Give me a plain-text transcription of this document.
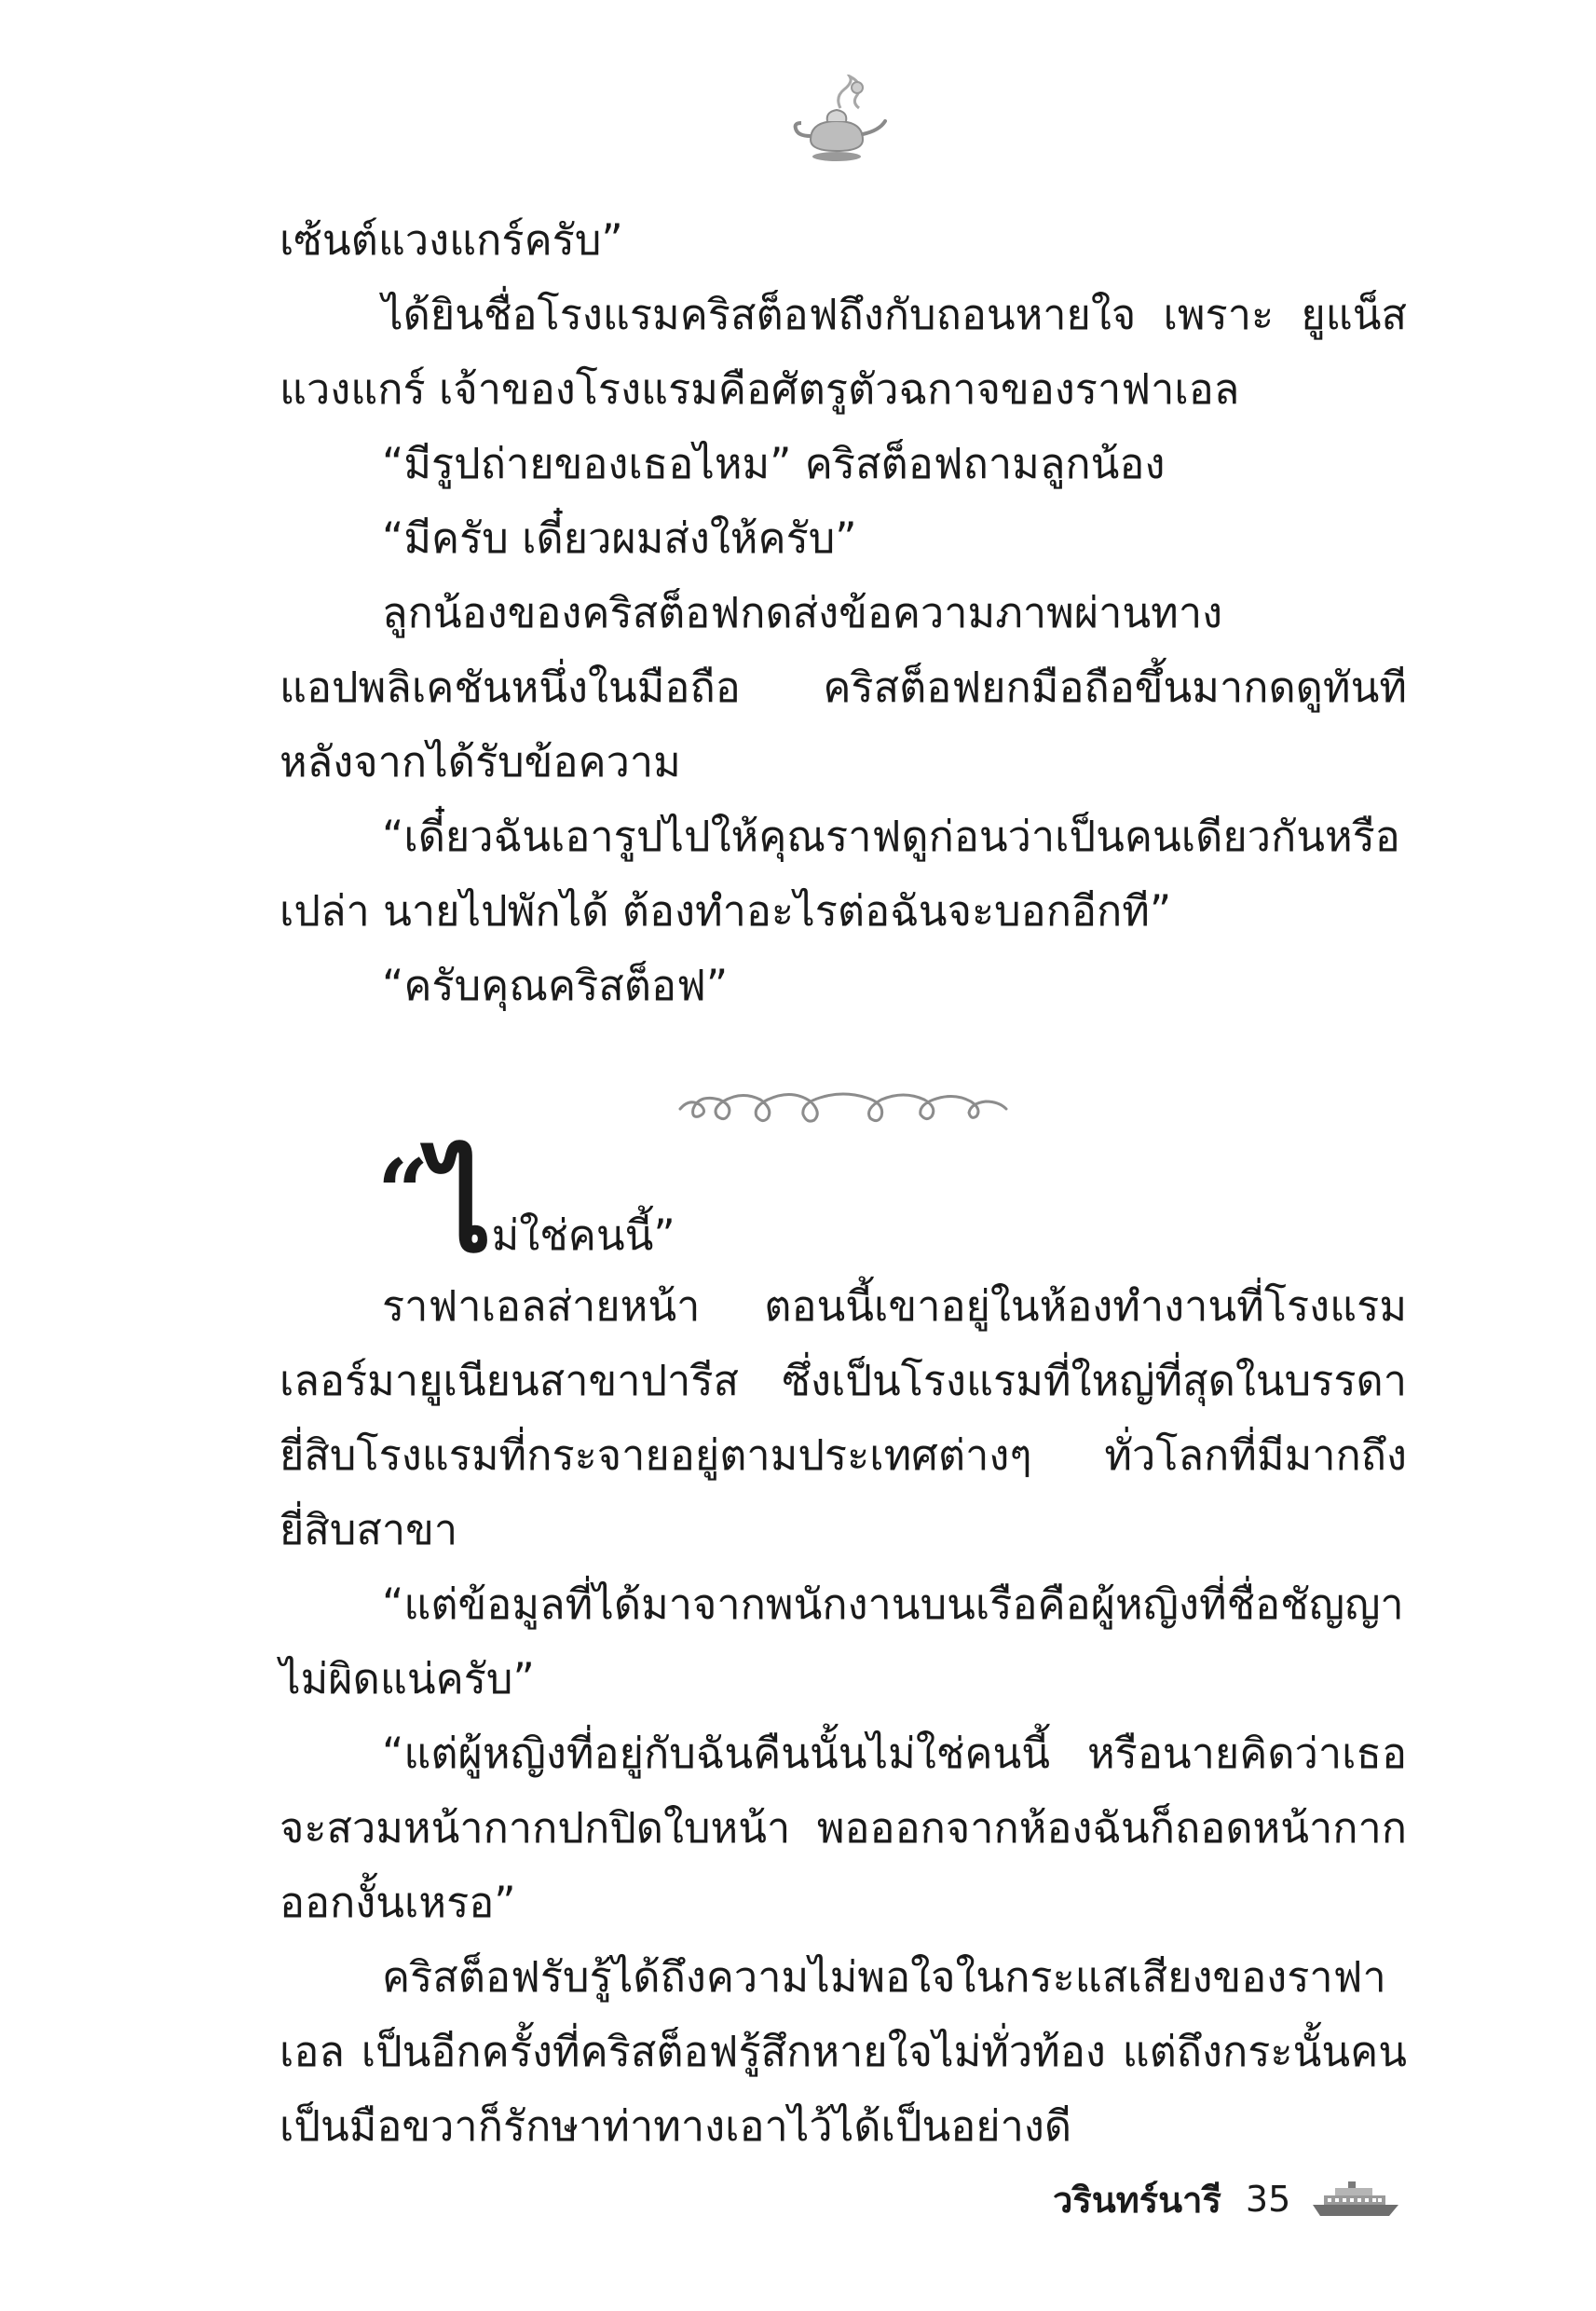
เซ้นต์แวงแกร์ครับ”

ได้ยินชื่อโรงแรมคริสต็อฟถึงกับถอนหายใจ เพราะ ยูแน็ส แวงแกร์ เจ้าของโรงแรมคือศัตรูตัวฉกาจของราฟาเอล

“มีรูปถ่ายของเธอไหม” คริสต็อฟถามลูกน้อง

“มีครับ เดี๋ยวผมส่งให้ครับ”

ลูกน้องของคริสต็อฟกดส่งข้อความภาพผ่านทางแอปพลิเคชันหนึ่งในมือถือ คริสต็อฟยกมือถือขึ้นมากดดูทันทีหลังจากได้รับข้อความ

“เดี๋ยวฉันเอารูปไปให้คุณราฟดูก่อนว่าเป็นคนเดียวกันหรือเปล่า นายไปพักได้ ต้องทำอะไรต่อฉันจะบอกอีกที”

“ครับคุณคริสต็อฟ”

“ ไ ม่ใช่คนนี้”

ราฟาเอลส่ายหน้า ตอนนี้เขาอยู่ในห้องทำงานที่โรงแรมเลอร์มายูเนียนสาขาปารีส ซึ่งเป็นโรงแรมที่ใหญ่ที่สุดในบรรดายี่สิบโรงแรมที่กระจายอยู่ตามประเทศต่างๆ ทั่วโลกที่มีมากถึงยี่สิบสาขา

“แต่ข้อมูลที่ได้มาจากพนักงานบนเรือคือผู้หญิงที่ชื่อชัญญาไม่ผิดแน่ครับ”

“แต่ผู้หญิงที่อยู่กับฉันคืนนั้นไม่ใช่คนนี้ หรือนายคิดว่าเธอจะสวมหน้ากากปกปิดใบหน้า พอออกจากห้องฉันก็ถอดหน้ากากออกงั้นเหรอ”

คริสต็อฟรับรู้ได้ถึงความไม่พอใจในกระแสเสียงของราฟาเอล เป็นอีกครั้งที่คริสต็อฟรู้สึกหายใจไม่ทั่วท้อง แต่ถึงกระนั้นคนเป็นมือขวาก็รักษาท่าทางเอาไว้ได้เป็นอย่างดี

วรินทร์นารี 35
